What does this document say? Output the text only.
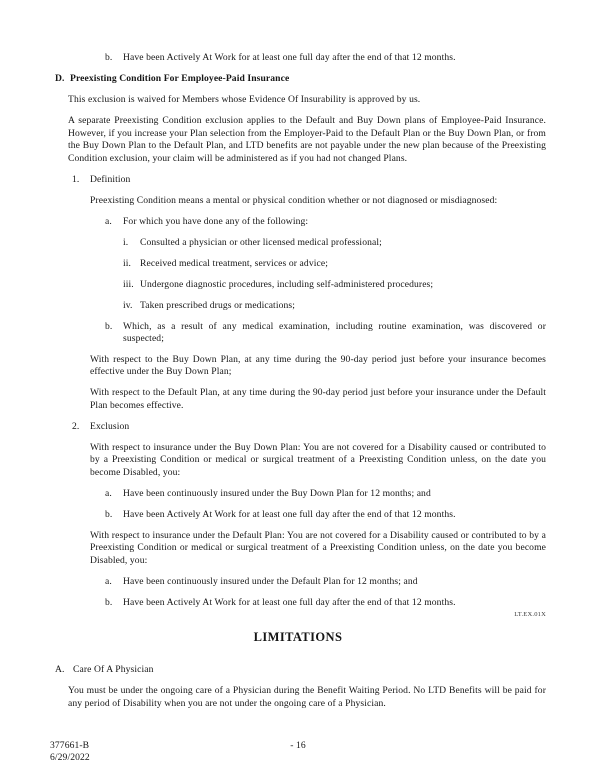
b.	Have been Actively At Work for at least one full day after the end of that 12 months.
D. Preexisting Condition For Employee-Paid Insurance

This exclusion is waived for Members whose Evidence Of Insurability is approved by us.

A separate Preexisting Condition exclusion applies to the Default and Buy Down plans of Employee-Paid Insurance. However, if you increase your Plan selection from the Employer-Paid to the Default Plan or the Buy Down Plan, or from the Buy Down Plan to the Default Plan, and LTD benefits are not payable under the new plan because of the Preexisting Condition exclusion, your claim will be administered as if you had not changed Plans.

1.	Definition

Preexisting Condition means a mental or physical condition whether or not diagnosed or misdiagnosed:

a.	For which you have done any of the following:
i.	Consulted a physician or other licensed medical professional;
ii. Received medical treatment, services or advice;
iii. Undergone diagnostic procedures, including self-administered procedures;
iv. Taken prescribed drugs or medications;
b.	Which, as a result of any medical examination, including routine examination, was discovered or suspected;

With respect to the Buy Down Plan, at any time during the 90-day period just before your insurance becomes effective under the Buy Down Plan;

With respect to the Default Plan, at any time during the 90-day period just before your insurance under the Default Plan becomes effective.

2.	Exclusion

With respect to insurance under the Buy Down Plan: You are not covered for a Disability caused or contributed to by a Preexisting Condition or medical or surgical treatment of a Preexisting Condition unless, on the date you become Disabled, you:

a.	Have been continuously insured under the Buy Down Plan for 12 months; and
b.	Have been Actively At Work for at least one full day after the end of that 12 months.

With respect to insurance under the Default Plan: You are not covered for a Disability caused or contributed to by a Preexisting Condition or medical or surgical treatment of a Preexisting Condition unless, on the date you become Disabled, you:

a.	Have been continuously insured under the Default Plan for 12 months; and
b.	Have been Actively At Work for at least one full day after the end of that 12 months.
LT.EX.01X
LIMITATIONS
A. Care Of A Physician

You must be under the ongoing care of a Physician during the Benefit Waiting Period. No LTD Benefits will be paid for any period of Disability when you are not under the ongoing care of a Physician.

- 16
377661-B
6/29/2022
